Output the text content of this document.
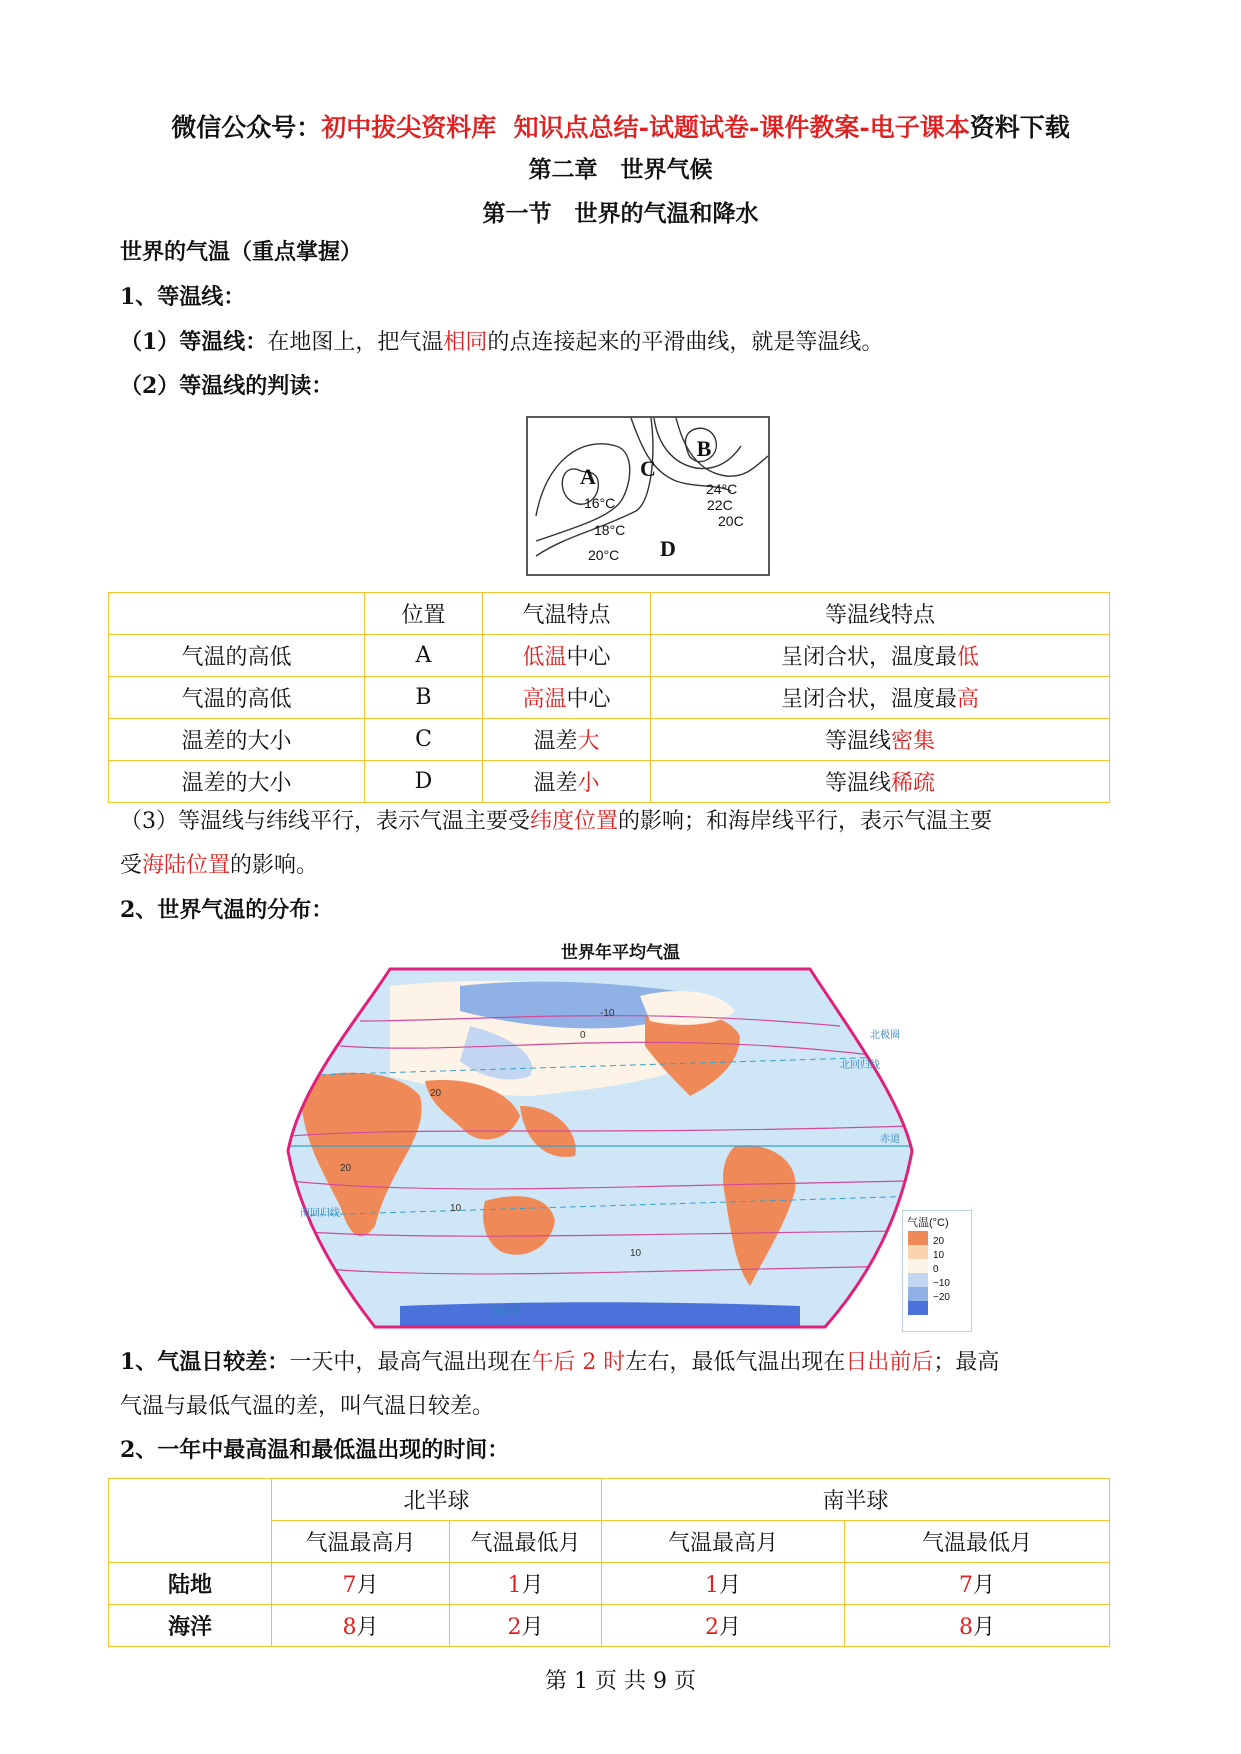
微信公众号：初中拔尖资料库 知识点总结-试题试卷-课件教案-电子课本资料下载
第二章　世界气候
第一节　世界的气温和降水
世界的气温（重点掌握）
1、等温线：
（1）等温线：在地图上，把气温相同的点连接起来的平滑曲线，就是等温线。
（2）等温线的判读：
A
B
C
D
16°C
18°C
20°C
24°C
22C
20C
	位置	气温特点	等温线特点
气温的高低	A	低温中心	呈闭合状，温度最低
气温的高低	B	高温中心	呈闭合状，温度最高
温差的大小	C	温差大	等温线密集
温差的大小	D	温差小	等温线稀疏
（3）等温线与纬线平行，表示气温主要受纬度位置的影响；和海岸线平行，表示气温主要
受海陆位置的影响。
2、世界气温的分布：
世界年平均气温
北回归线
赤道
南回归线
南极圈
北极圈
-10
0
10
20
10
20
气温(°C)
20
10
0
−10
−20
1、气温日较差：一天中，最高气温出现在午后 2 时左右，最低气温出现在日出前后；最高
气温与最低气温的差，叫气温日较差。
2、一年中最高温和最低温出现的时间：
	北半球		南半球	
	气温最高月	气温最低月	气温最高月	气温最低月
陆地	7月	1月	1月	7月
海洋	8月	2月	2月	8月
第 1 页 共 9 页
